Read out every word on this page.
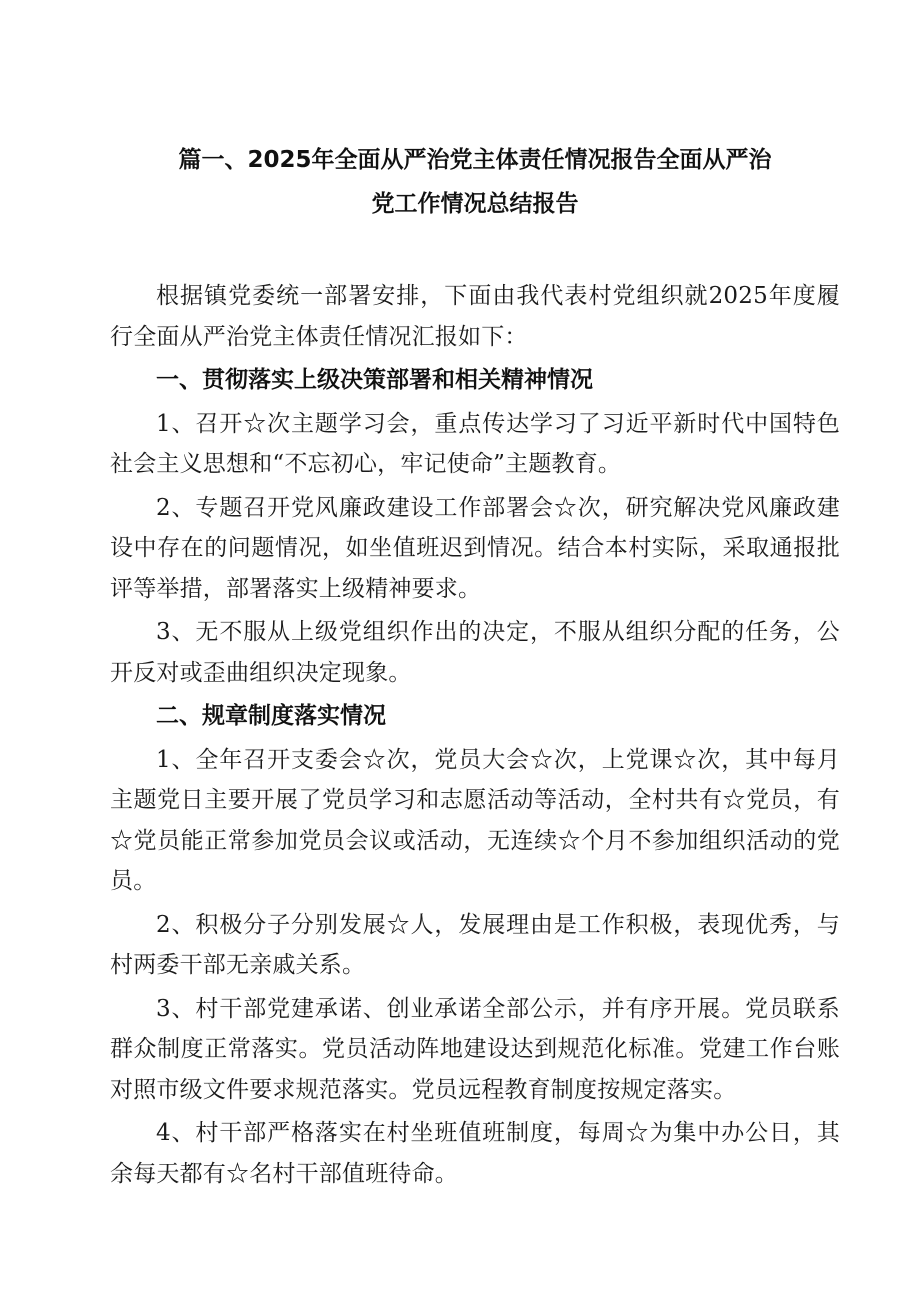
篇一、2025年全面从严治党主体责任情况报告全面从严治
党工作情况总结报告

根据镇党委统一部署安排，下面由我代表村党组织就2025年度履行全面从严治党主体责任情况汇报如下：

一、贯彻落实上级决策部署和相关精神情况

1、召开☆次主题学习会，重点传达学习了习近平新时代中国特色社会主义思想和“不忘初心，牢记使命”主题教育。

2、专题召开党风廉政建设工作部署会☆次，研究解决党风廉政建设中存在的问题情况，如坐值班迟到情况。结合本村实际，采取通报批评等举措，部署落实上级精神要求。

3、无不服从上级党组织作出的决定，不服从组织分配的任务，公开反对或歪曲组织决定现象。

二、规章制度落实情况

1、全年召开支委会☆次，党员大会☆次，上党课☆次，其中每月主题党日主要开展了党员学习和志愿活动等活动，全村共有☆党员，有☆党员能正常参加党员会议或活动，无连续☆个月不参加组织活动的党员。

2、积极分子分别发展☆人，发展理由是工作积极，表现优秀，与村两委干部无亲戚关系。

3、村干部党建承诺、创业承诺全部公示，并有序开展。党员联系群众制度正常落实。党员活动阵地建设达到规范化标准。党建工作台账对照市级文件要求规范落实。党员远程教育制度按规定落实。

4、村干部严格落实在村坐班值班制度，每周☆为集中办公日，其余每天都有☆名村干部值班待命。
